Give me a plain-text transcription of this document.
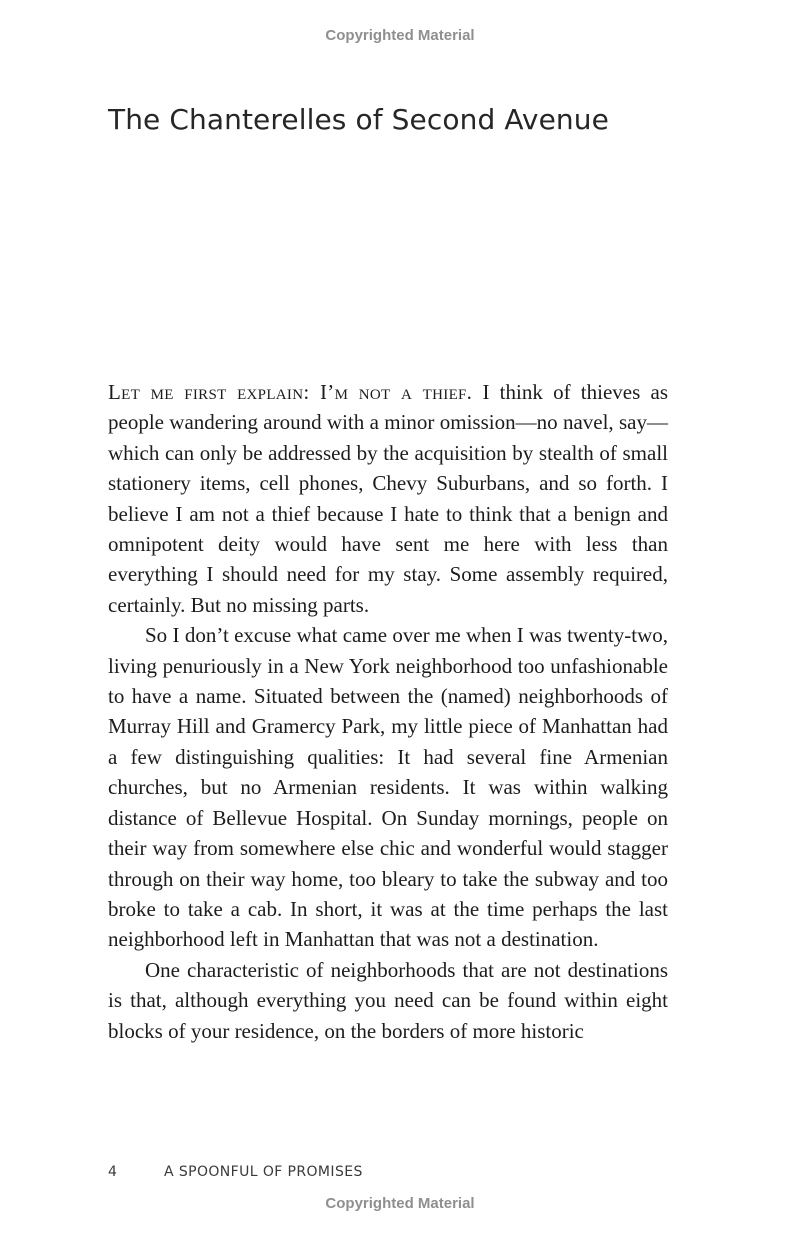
Copyrighted Material
The Chanterelles of Second Avenue

Let me first explain: I’m not a thief. I think of thieves as people wandering around with a minor omission—no navel, say—which can only be addressed by the acquisition by stealth of small stationery items, cell phones, Chevy Suburbans, and so forth. I believe I am not a thief because I hate to think that a benign and omnipotent deity would have sent me here with less than everything I should need for my stay. Some assembly required, certainly. But no missing parts.

So I don’t excuse what came over me when I was twenty-two, living penuriously in a New York neighborhood too unfashionable to have a name. Situated between the (named) neighborhoods of Murray Hill and Gramercy Park, my little piece of Manhattan had a few distinguishing qualities: It had several fine Armenian churches, but no Armenian residents. It was within walking distance of Bellevue Hospital. On Sunday mornings, people on their way from somewhere else chic and wonderful would stagger through on their way home, too bleary to take the subway and too broke to take a cab. In short, it was at the time perhaps the last neighborhood left in Manhattan that was not a destination.

One characteristic of neighborhoods that are not destinations is that, although everything you need can be found within eight blocks of your residence, on the borders of more historic

4	A SPOONFUL OF PROMISES
Copyrighted Material
